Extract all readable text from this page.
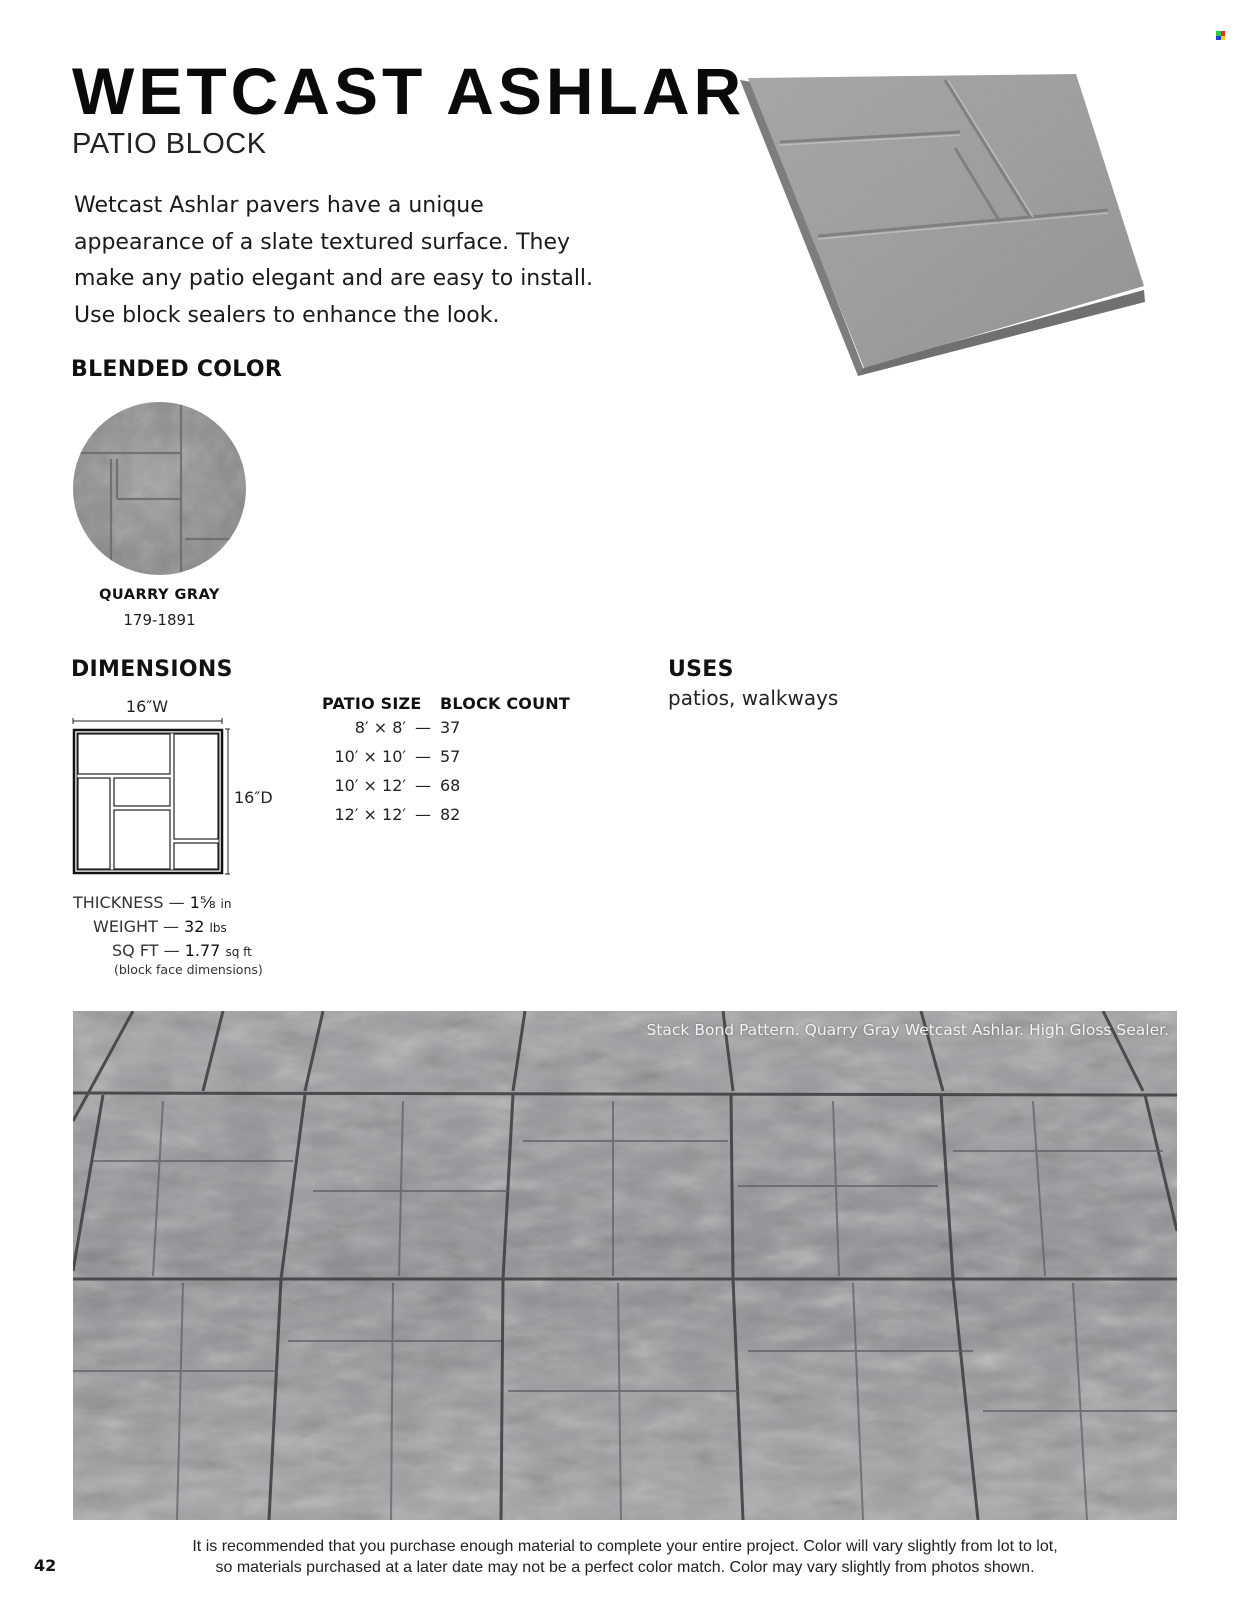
WETCAST ASHLAR
PATIO BLOCK
Wetcast Ashlar pavers have a unique
appearance of a slate textured surface. They
make any patio elegant and are easy to install.
Use block sealers to enhance the look.
BLENDED COLOR
QUARRY GRAY
179-1891
DIMENSIONS
16″W
16″D
THICKNESS — 1⅝ in
WEIGHT — 32 lbs
SQ FT — 1.77 sq ft
(block face dimensions)
PATIO SIZE BLOCK COUNT
8′ × 8′ — 37
10′ × 10′ — 57
10′ × 12′ — 68
12′ × 12′ — 82
USES
patios, walkways
Stack Bond Pattern. Quarry Gray Wetcast Ashlar. High Gloss Sealer.
42
It is recommended that you purchase enough material to complete your entire project. Color will vary slightly from lot to lot,
so materials purchased at a later date may not be a perfect color match. Color may vary slightly from photos shown.
